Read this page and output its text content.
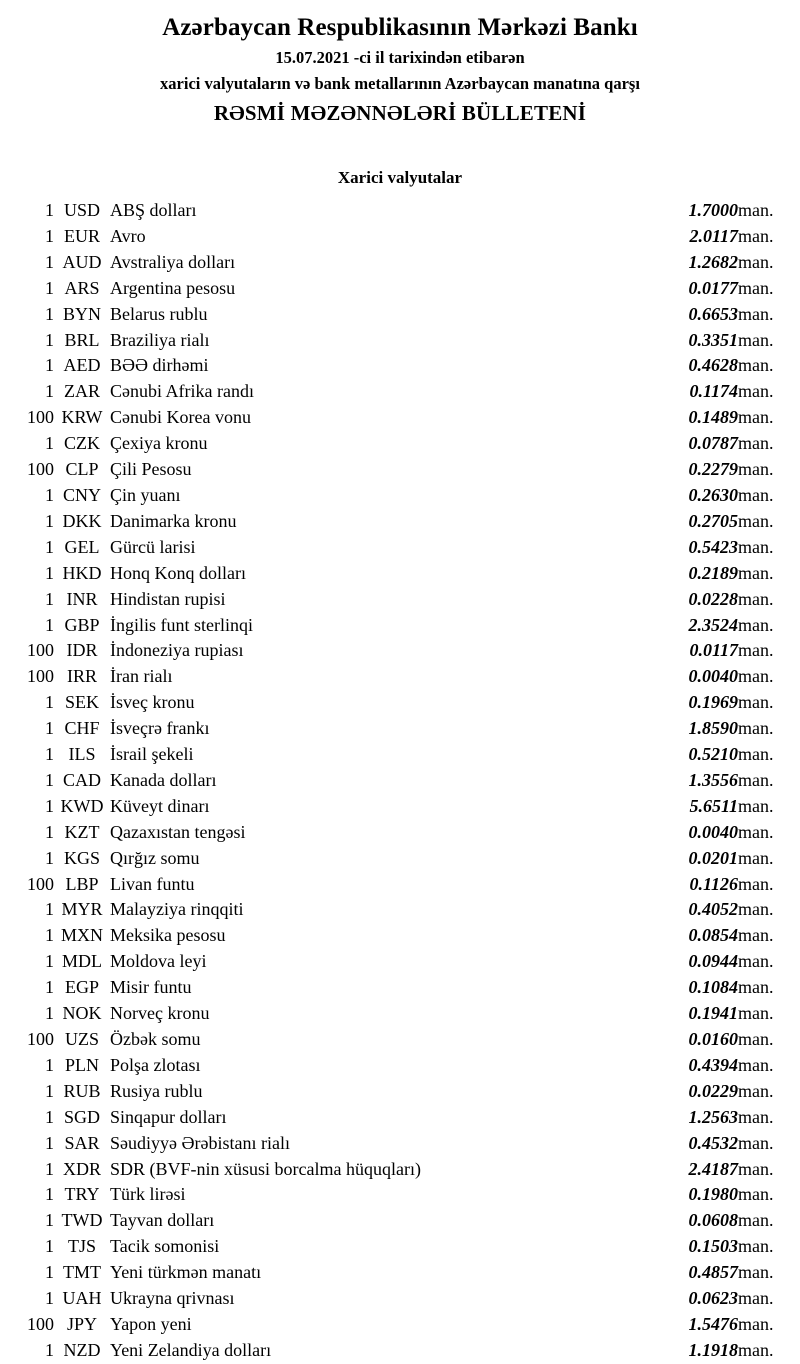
Azərbaycan Respublikasının Mərkəzi Bankı
15.07.2021 -ci il tarixindən etibarən
xarici valyutaların və bank metallarının Azərbaycan manatına qarşı
RƏSMİ MƏZƏNNƏLƏRİ BÜLLETENİ
Xarici valyutalar
1	USD	ABŞ dolları	1.7000	man.
1	EUR	Avro	2.0117	man.
1	AUD	Avstraliya dolları	1.2682	man.
1	ARS	Argentina pesosu	0.0177	man.
1	BYN	Belarus rublu	0.6653	man.
1	BRL	Braziliya rialı	0.3351	man.
1	AED	BƏƏ dirhəmi	0.4628	man.
1	ZAR	Cənubi Afrika randı	0.1174	man.
100	KRW	Cənubi Korea vonu	0.1489	man.
1	CZK	Çexiya kronu	0.0787	man.
100	CLP	Çili Pesosu	0.2279	man.
1	CNY	Çin yuanı	0.2630	man.
1	DKK	Danimarka kronu	0.2705	man.
1	GEL	Gürcü larisi	0.5423	man.
1	HKD	Honq Konq dolları	0.2189	man.
1	INR	Hindistan rupisi	0.0228	man.
1	GBP	İngilis funt sterlinqi	2.3524	man.
100	IDR	İndoneziya rupiası	0.0117	man.
100	IRR	İran rialı	0.0040	man.
1	SEK	İsveç kronu	0.1969	man.
1	CHF	İsveçrə frankı	1.8590	man.
1	ILS	İsrail şekeli	0.5210	man.
1	CAD	Kanada dolları	1.3556	man.
1	KWD	Küveyt dinarı	5.6511	man.
1	KZT	Qazaxıstan tengəsi	0.0040	man.
1	KGS	Qırğız somu	0.0201	man.
100	LBP	Livan funtu	0.1126	man.
1	MYR	Malayziya rinqqiti	0.4052	man.
1	MXN	Meksika pesosu	0.0854	man.
1	MDL	Moldova leyi	0.0944	man.
1	EGP	Misir funtu	0.1084	man.
1	NOK	Norveç kronu	0.1941	man.
100	UZS	Özbək somu	0.0160	man.
1	PLN	Polşa zlotası	0.4394	man.
1	RUB	Rusiya rublu	0.0229	man.
1	SGD	Sinqapur dolları	1.2563	man.
1	SAR	Səudiyyə Ərəbistanı rialı	0.4532	man.
1	XDR	SDR (BVF-nin xüsusi borcalma hüquqları)	2.4187	man.
1	TRY	Türk lirəsi	0.1980	man.
1	TWD	Tayvan dolları	0.0608	man.
1	TJS	Tacik somonisi	0.1503	man.
1	TMT	Yeni türkmən manatı	0.4857	man.
1	UAH	Ukrayna qrivnası	0.0623	man.
100	JPY	Yapon yeni	1.5476	man.
1	NZD	Yeni Zelandiya dolları	1.1918	man.
